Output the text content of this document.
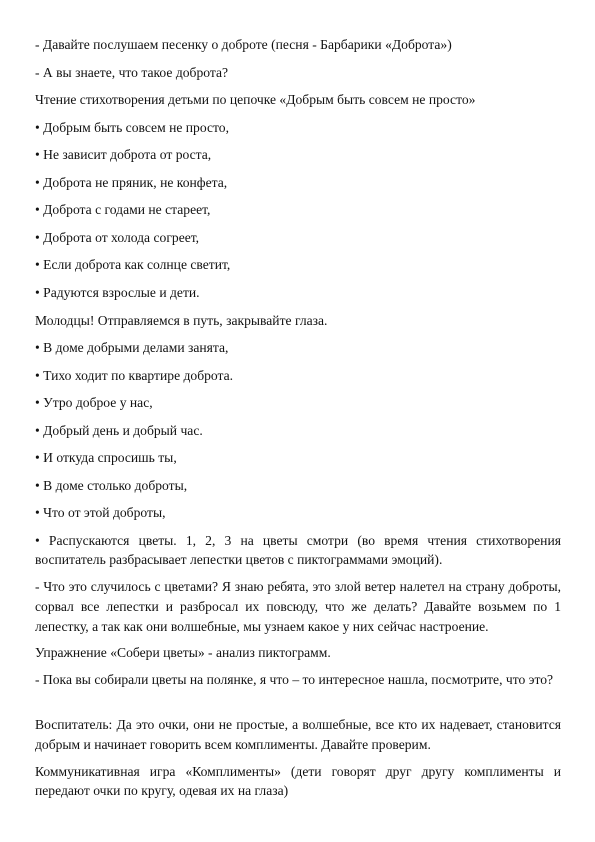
- Давайте послушаем песенку о доброте (песня - Барбарики «Доброта»)

- А вы знаете, что такое доброта?

Чтение стихотворения детьми по цепочке «Добрым быть совсем не просто»

• Добрым быть совсем не просто,

• Не зависит доброта от роста,

• Доброта не пряник, не конфета,

• Доброта с годами не стареет,

• Доброта от холода согреет,

• Если доброта как солнце светит,

• Радуются взрослые и дети.

Молодцы! Отправляемся в путь, закрывайте глаза.

• В доме добрыми делами занята,

• Тихо ходит по квартире доброта.

• Утро доброе у нас,

• Добрый день и добрый час.

• И откуда спросишь ты,

• В доме столько доброты,

• Что от этой доброты,

• Распускаются цветы. 1, 2, 3 на цветы смотри (во время чтения стихотворения воспитатель разбрасывает лепестки цветов с пиктограммами эмоций).

- Что это случилось с цветами? Я знаю ребята, это злой ветер налетел на страну доброты, сорвал все лепестки и разбросал их повсюду, что же делать? Давайте возьмем по 1 лепестку, а так как они волшебные, мы узнаем какое у них сейчас настроение.

Упражнение «Собери цветы» - анализ пиктограмм.

- Пока вы собирали цветы на полянке, я что – то интересное нашла, посмотрите, что это?

Воспитатель: Да это очки, они не простые, а волшебные, все кто их надевает, становится добрым и начинает говорить всем комплименты. Давайте проверим.

Коммуникативная игра «Комплименты» (дети говорят друг другу комплименты и передают очки по кругу, одевая их на глаза)
